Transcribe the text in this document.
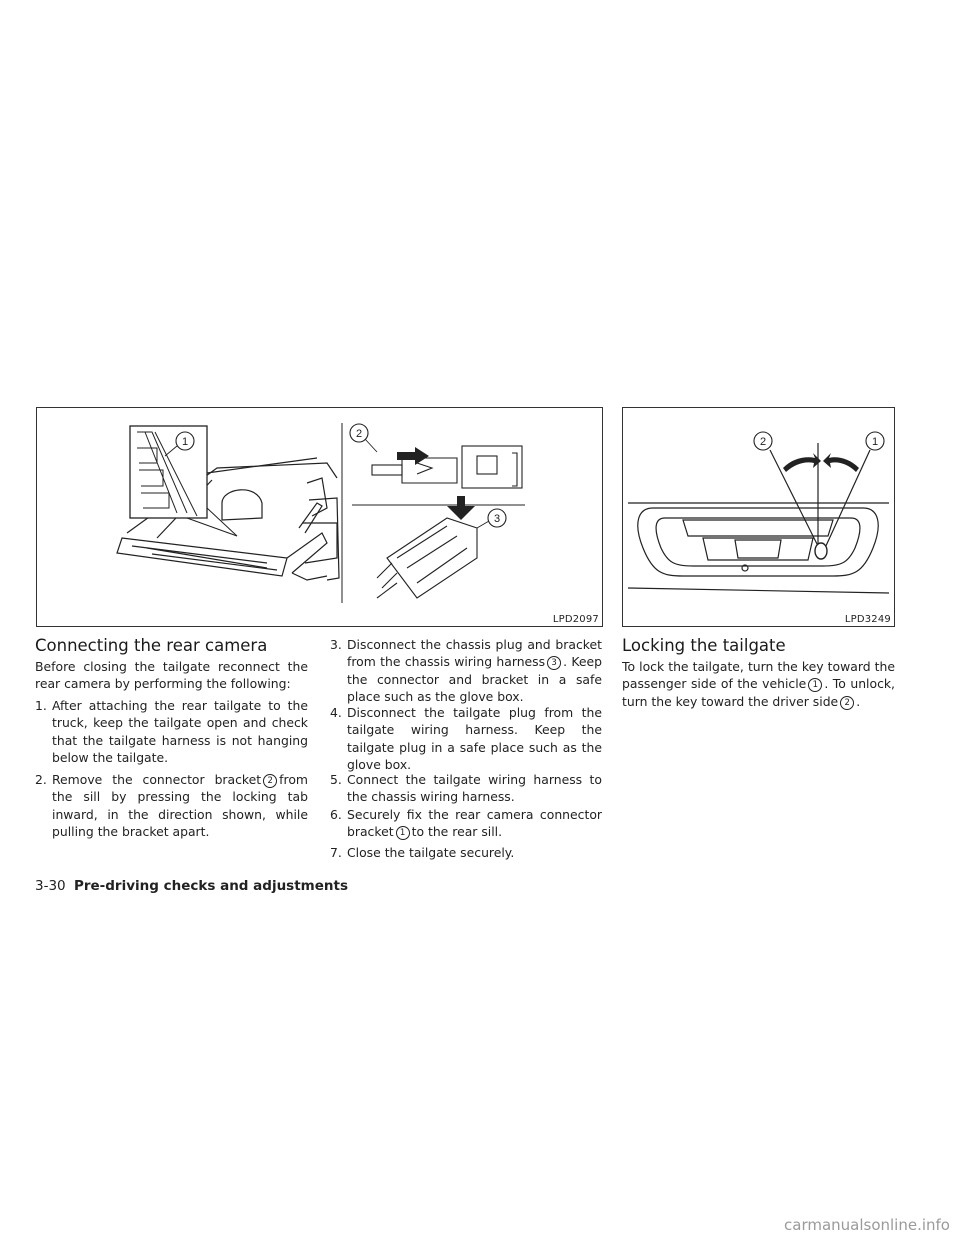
1
2
3
LPD2097
2	1
LPD3249
Connecting the rear camera

Before closing the tailgate reconnect the rear camera by performing the following:

1. After attaching the rear tailgate to the truck, keep the tailgate open and check that the tailgate harness is not hanging below the tailgate.
2. Remove the connector bracket 2 from the sill by pressing the locking tab inward, in the direction shown, while pulling the bracket apart.
3. Disconnect the chassis plug and bracket from the chassis wiring harness 3 . Keep the connector and bracket in a safe place such as the glove box.
4. Disconnect the tailgate plug from the tailgate wiring harness. Keep the tailgate plug in a safe place such as the glove box.
5. Connect the tailgate wiring harness to the chassis wiring harness.
6. Securely fix the rear camera connector bracket 1 to the rear sill.
7. Close the tailgate securely.
Locking the tailgate

To lock the tailgate, turn the key toward the passenger side of the vehicle 1 . To unlock, turn the key toward the driver side 2 .

3-30 Pre-driving checks and adjustments
carmanualsonline.info
